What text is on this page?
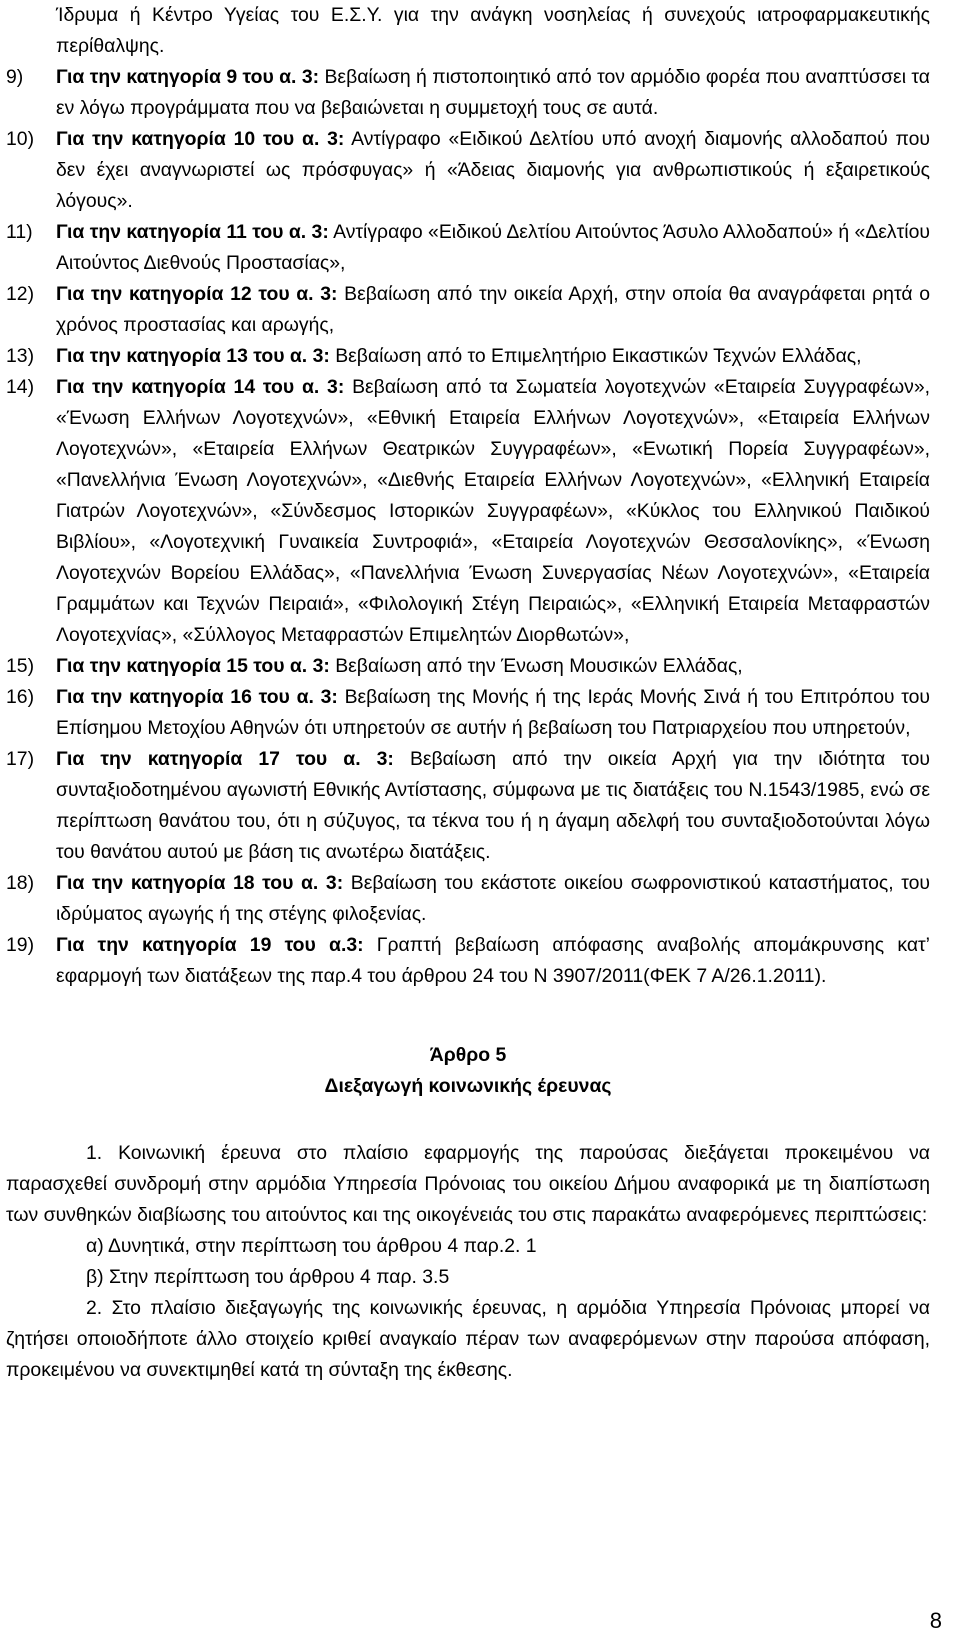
Ίδρυμα ή Κέντρο Υγείας του Ε.Σ.Υ. για την ανάγκη νοσηλείας ή συνεχούς ιατροφαρμακευτικής περίθαλψης.

9) Για την κατηγορία 9 του α. 3: Βεβαίωση ή πιστοποιητικό από τον αρμόδιο φορέα που αναπτύσσει τα εν λόγω προγράμματα που να βεβαιώνεται η συμμετοχή τους σε αυτά.

10) Για την κατηγορία 10 του α. 3: Αντίγραφο «Ειδικού Δελτίου υπό ανοχή διαμονής αλλοδαπού που δεν έχει αναγνωριστεί ως πρόσφυγας» ή «Άδειας διαμονής για ανθρωπιστικούς ή εξαιρετικούς λόγους».

11) Για την κατηγορία 11 του α. 3: Αντίγραφο «Ειδικού Δελτίου Αιτούντος Άσυλο Αλλοδαπού» ή «Δελτίου Αιτούντος Διεθνούς Προστασίας»,

12) Για την κατηγορία 12 του α. 3: Βεβαίωση από την οικεία Αρχή, στην οποία θα αναγράφεται ρητά ο χρόνος προστασίας και αρωγής,

13) Για την κατηγορία 13 του α. 3: Βεβαίωση από το Επιμελητήριο Εικαστικών Τεχνών Ελλάδας,

14) Για την κατηγορία 14 του α. 3: Βεβαίωση από τα Σωματεία λογοτεχνών «Εταιρεία Συγγραφέων», «Ένωση Ελλήνων Λογοτεχνών», «Εθνική Εταιρεία Ελλήνων Λογοτεχνών», «Εταιρεία Ελλήνων Λογοτεχνών», «Εταιρεία Ελλήνων Θεατρικών Συγγραφέων», «Ενωτική Πορεία Συγγραφέων», «Πανελλήνια Ένωση Λογοτεχνών», «Διεθνής Εταιρεία Ελλήνων Λογοτεχνών», «Ελληνική Εταιρεία Γιατρών Λογοτεχνών», «Σύνδεσμος Ιστορικών Συγγραφέων», «Κύκλος του Ελληνικού Παιδικού Βιβλίου», «Λογοτεχνική Γυναικεία Συντροφιά», «Εταιρεία Λογοτεχνών Θεσσαλονίκης», «Ένωση Λογοτεχνών Βορείου Ελλάδας», «Πανελλήνια Ένωση Συνεργασίας Νέων Λογοτεχνών», «Εταιρεία Γραμμάτων και Τεχνών Πειραιά», «Φιλολογική Στέγη Πειραιώς», «Ελληνική Εταιρεία Μεταφραστών Λογοτεχνίας», «Σύλλογος Μεταφραστών Επιμελητών Διορθωτών»,

15) Για την κατηγορία 15 του α. 3: Βεβαίωση από την Ένωση Μουσικών Ελλάδας,

16) Για την κατηγορία 16 του α. 3: Βεβαίωση της Μονής ή της Ιεράς Μονής Σινά ή του Επιτρόπου του Επίσημου Μετοχίου Αθηνών ότι υπηρετούν σε αυτήν ή βεβαίωση του Πατριαρχείου που υπηρετούν,

17) Για την κατηγορία 17 του α. 3: Βεβαίωση από την οικεία Αρχή για την ιδιότητα του συνταξιοδοτημένου αγωνιστή Εθνικής Αντίστασης, σύμφωνα με τις διατάξεις του Ν.1543/1985, ενώ σε περίπτωση θανάτου του, ότι η σύζυγος, τα τέκνα του ή η άγαμη αδελφή του συνταξιοδοτούνται λόγω του θανάτου αυτού με βάση τις ανωτέρω διατάξεις.

18) Για την κατηγορία 18 του α. 3: Βεβαίωση του εκάστοτε οικείου σωφρονιστικού καταστήματος, του ιδρύματος αγωγής ή της στέγης φιλοξενίας.

19) Για την κατηγορία 19 του α.3: Γραπτή βεβαίωση απόφασης αναβολής απομάκρυνσης κατ’ εφαρμογή των διατάξεων της παρ.4 του άρθρου 24 του Ν 3907/2011(ΦΕΚ 7 Α/26.1.2011).

Άρθρο 5

Διεξαγωγή κοινωνικής έρευνας

1. Κοινωνική έρευνα στο πλαίσιο εφαρμογής της παρούσας διεξάγεται προκειμένου να παρασχεθεί συνδρομή στην αρμόδια Υπηρεσία Πρόνοιας του οικείου Δήμου αναφορικά με τη διαπίστωση των συνθηκών διαβίωσης του αιτούντος και της οικογένειάς του στις παρακάτω αναφερόμενες περιπτώσεις:

α) Δυνητικά, στην περίπτωση του άρθρου 4 παρ.2. 1

β) Στην περίπτωση του άρθρου 4 παρ. 3.5

2. Στο πλαίσιο διεξαγωγής της κοινωνικής έρευνας, η αρμόδια Υπηρεσία Πρόνοιας μπορεί να ζητήσει οποιοδήποτε άλλο στοιχείο κριθεί αναγκαίο πέραν των αναφερόμενων στην παρούσα απόφαση, προκειμένου να συνεκτιμηθεί κατά τη σύνταξη της έκθεσης.

8
